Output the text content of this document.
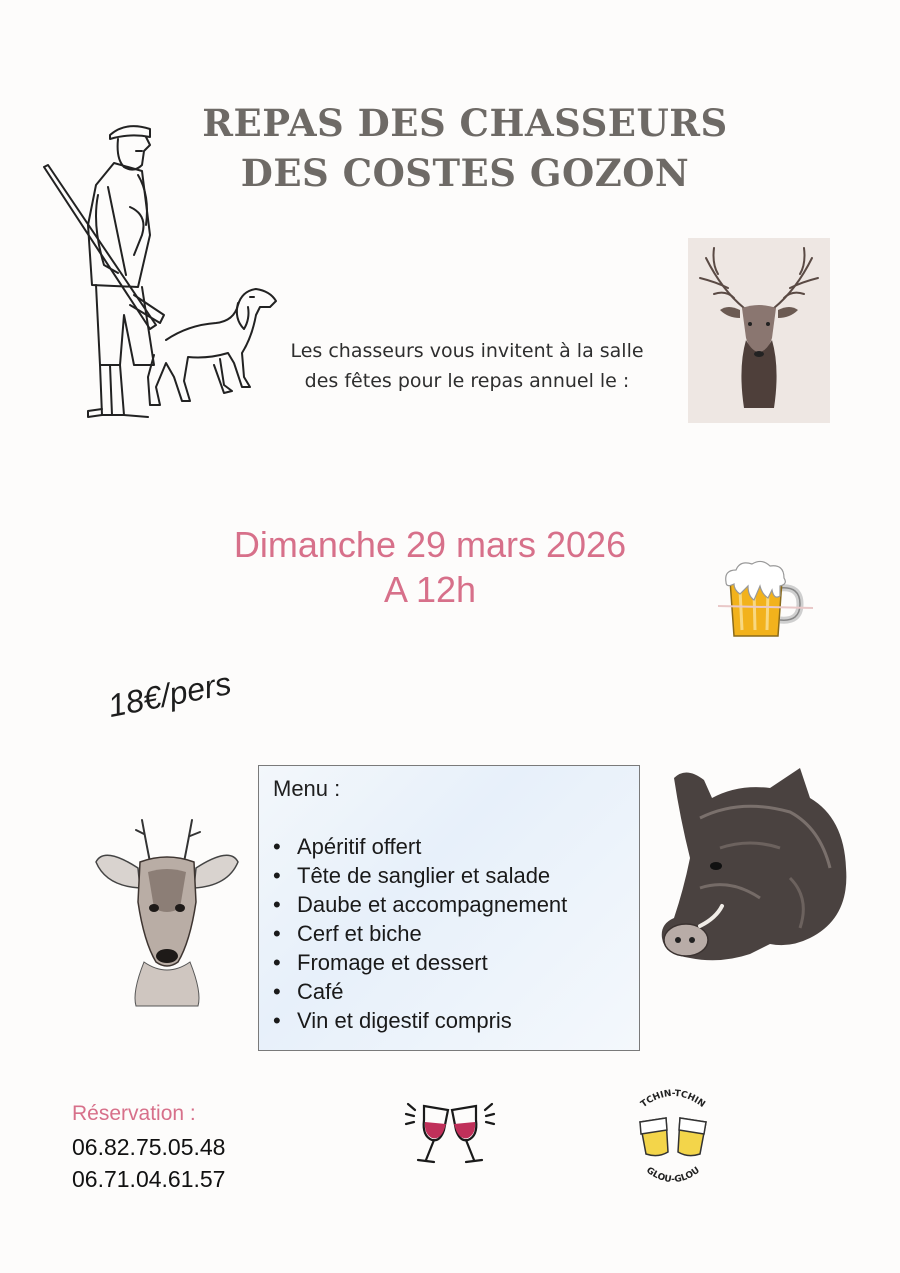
REPAS DES CHASSEURS
DES COSTES GOZON
Les chasseurs vous invitent à la salle
des fêtes pour le repas annuel le :
Dimanche 29 mars 2026
A 12h
18€/pers
Menu :
• Apéritif offert
• Tête de sanglier et salade
• Daube et accompagnement
• Cerf et biche
• Fromage et dessert
• Café
• Vin et digestif compris
Réservation :
06.82.75.05.48
06.71.04.61.57
TCHIN-TCHIN
GLOU-GLOU
